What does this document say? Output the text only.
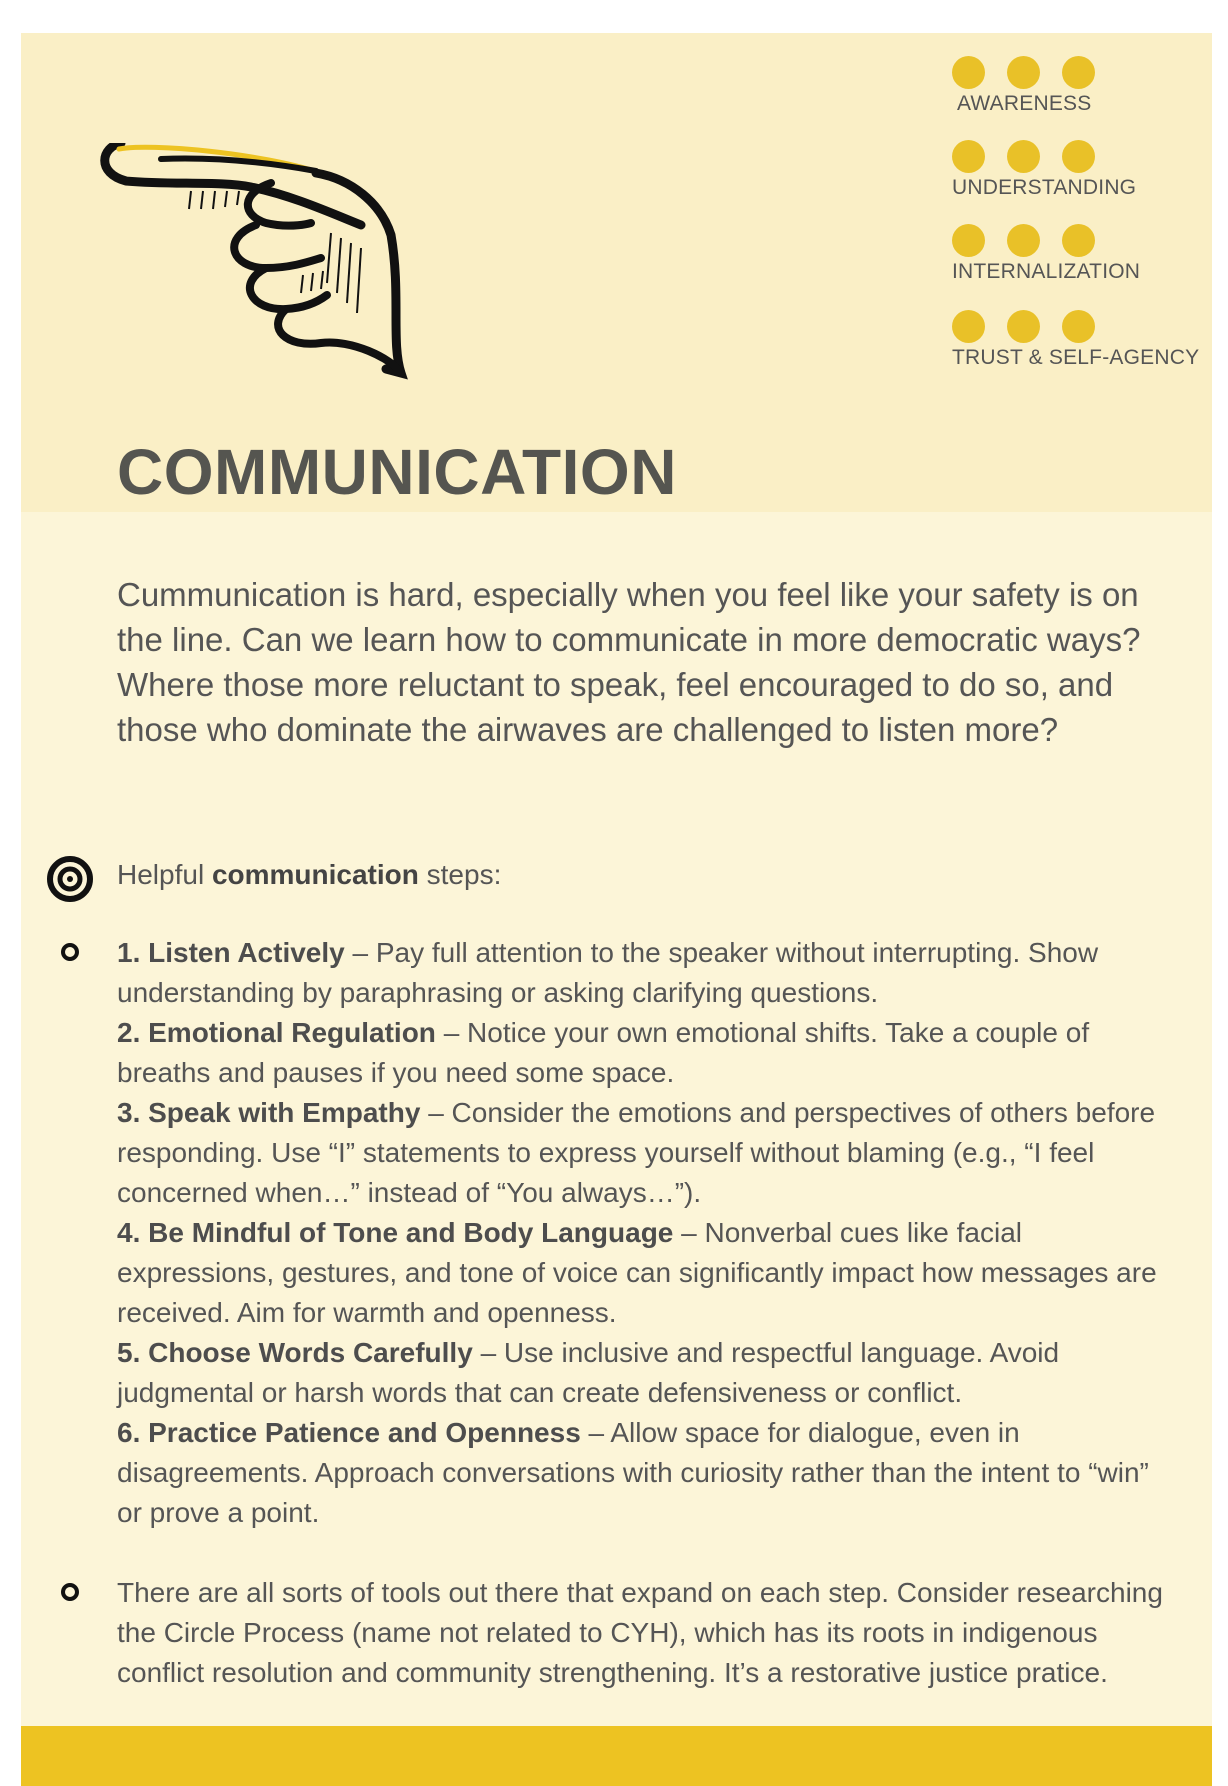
AWARENESS
UNDERSTANDING
INTERNALIZATION
TRUST & SELF-AGENCY
COMMUNICATION
Cummunication is hard, especially when you feel like your safety is on the line. Can we learn how to communicate in more democratic ways? Where those more reluctant to speak, feel encouraged to do so, and those who dominate the airwaves are challenged to listen more?
Helpful communication steps:
1. Listen Actively – Pay full attention to the speaker without interrupting. Show understanding by paraphrasing or asking clarifying questions.
2. Emotional Regulation – Notice your own emotional shifts. Take a couple of breaths and pauses if you need some space.
3. Speak with Empathy – Consider the emotions and perspectives of others before responding. Use “I” statements to express yourself without blaming (e.g., “I feel concerned when…” instead of “You always…”).
4. Be Mindful of Tone and Body Language – Nonverbal cues like facial expressions, gestures, and tone of voice can significantly impact how messages are received. Aim for warmth and openness.
5. Choose Words Carefully – Use inclusive and respectful language. Avoid judgmental or harsh words that can create defensiveness or conflict.
6. Practice Patience and Openness – Allow space for dialogue, even in disagreements. Approach conversations with curiosity rather than the intent to “win” or prove a point.
There are all sorts of tools out there that expand on each step. Consider researching the Circle Process (name not related to CYH), which has its roots in indigenous conflict resolution and community strengthening. It’s a restorative justice pratice.
